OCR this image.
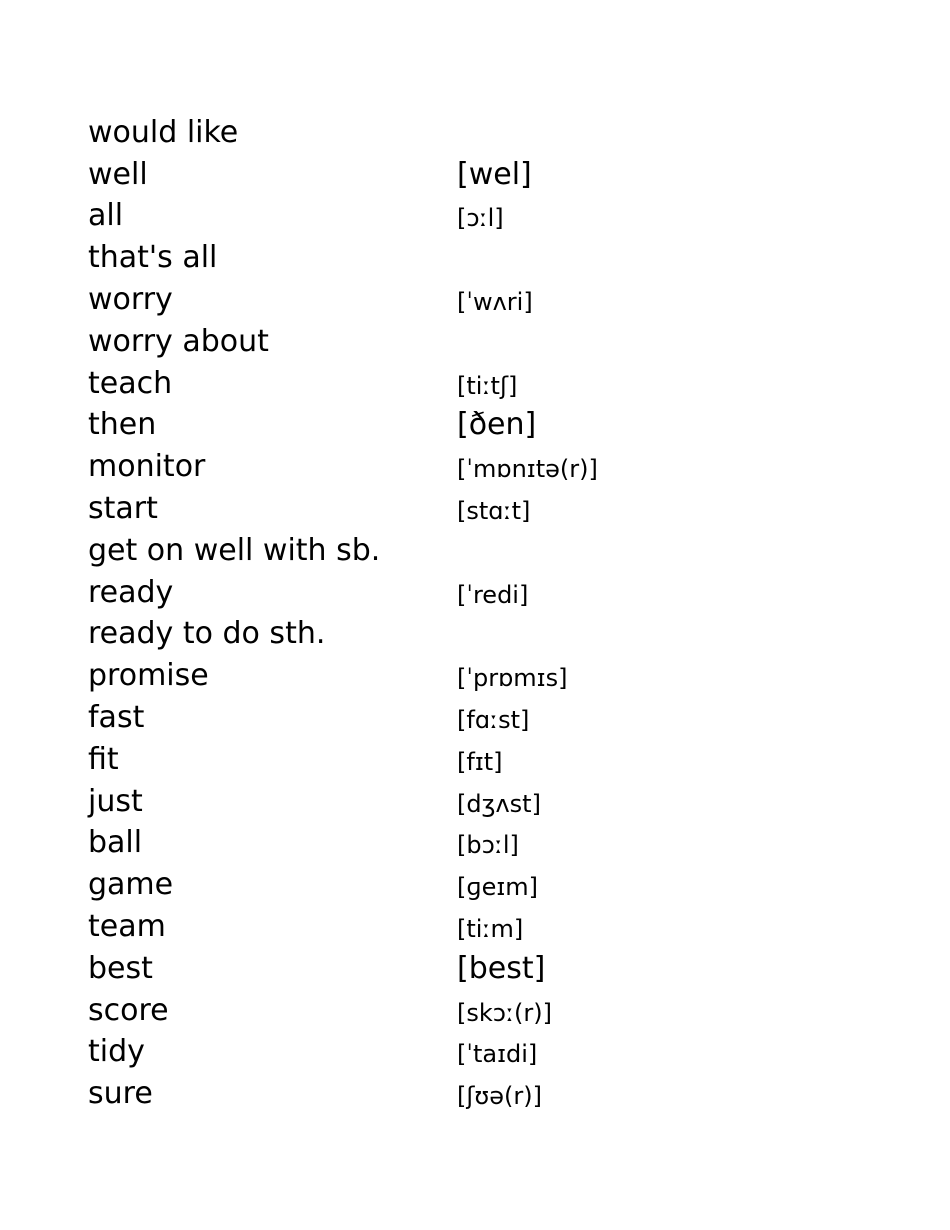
would like
well	[wel]
all	[ɔːl]
that's all
worry	[ˈwʌri]
worry about
teach	[tiːtʃ]
then	[ðen]
monitor	[ˈmɒnɪtə(r)]
start	[stɑːt]
get on well with sb.
ready	[ˈredi]
ready to do sth.
promise	[ˈprɒmɪs]
fast	[fɑːst]
fit	[fɪt]
just	[dʒʌst]
ball	[bɔːl]
game	[ɡeɪm]
team	[tiːm]
best	[best]
score	[skɔː(r)]
tidy	[ˈtaɪdi]
sure	[ʃʊə(r)]
